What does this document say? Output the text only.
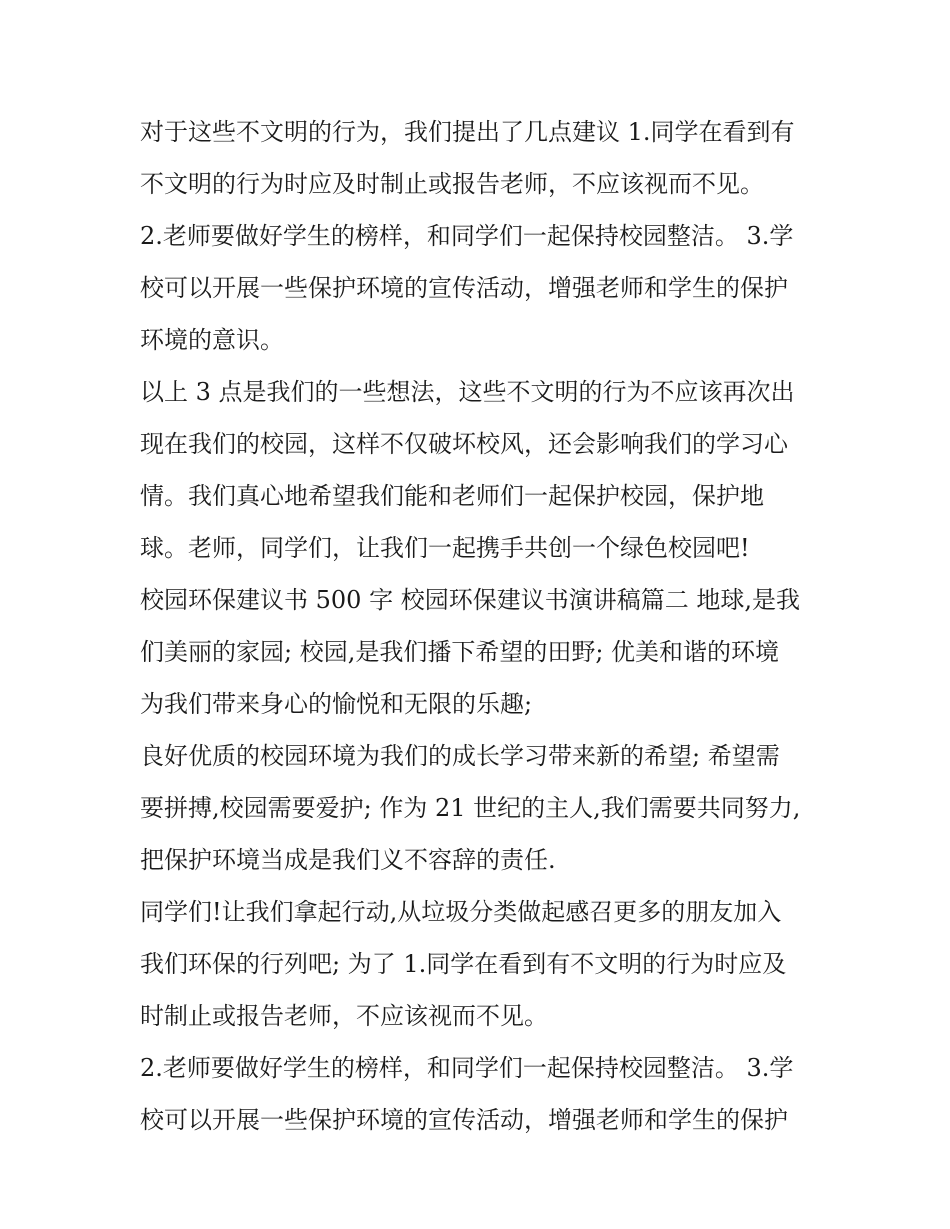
对于这些不文明的行为，我们提出了几点建议 1.同学在看到有
不文明的行为时应及时制止或报告老师，不应该视而不见。
2.老师要做好学生的榜样，和同学们一起保持校园整洁。 3.学
校可以开展一些保护环境的宣传活动，增强老师和学生的保护
环境的意识。
以上 3 点是我们的一些想法，这些不文明的行为不应该再次出
现在我们的校园，这样不仅破坏校风，还会影响我们的学习心
情。我们真心地希望我们能和老师们一起保护校园，保护地
球。老师，同学们，让我们一起携手共创一个绿色校园吧!
校园环保建议书 500 字 校园环保建议书演讲稿篇二 地球,是我
们美丽的家园; 校园,是我们播下希望的田野; 优美和谐的环境
为我们带来身心的愉悦和无限的乐趣;
良好优质的校园环境为我们的成长学习带来新的希望; 希望需
要拼搏,校园需要爱护; 作为 21 世纪的主人,我们需要共同努力,
把保护环境当成是我们义不容辞的责任.
同学们!让我们拿起行动,从垃圾分类做起感召更多的朋友加入
我们环保的行列吧; 为了 1.同学在看到有不文明的行为时应及
时制止或报告老师，不应该视而不见。
2.老师要做好学生的榜样，和同学们一起保持校园整洁。 3.学
校可以开展一些保护环境的宣传活动，增强老师和学生的保护
